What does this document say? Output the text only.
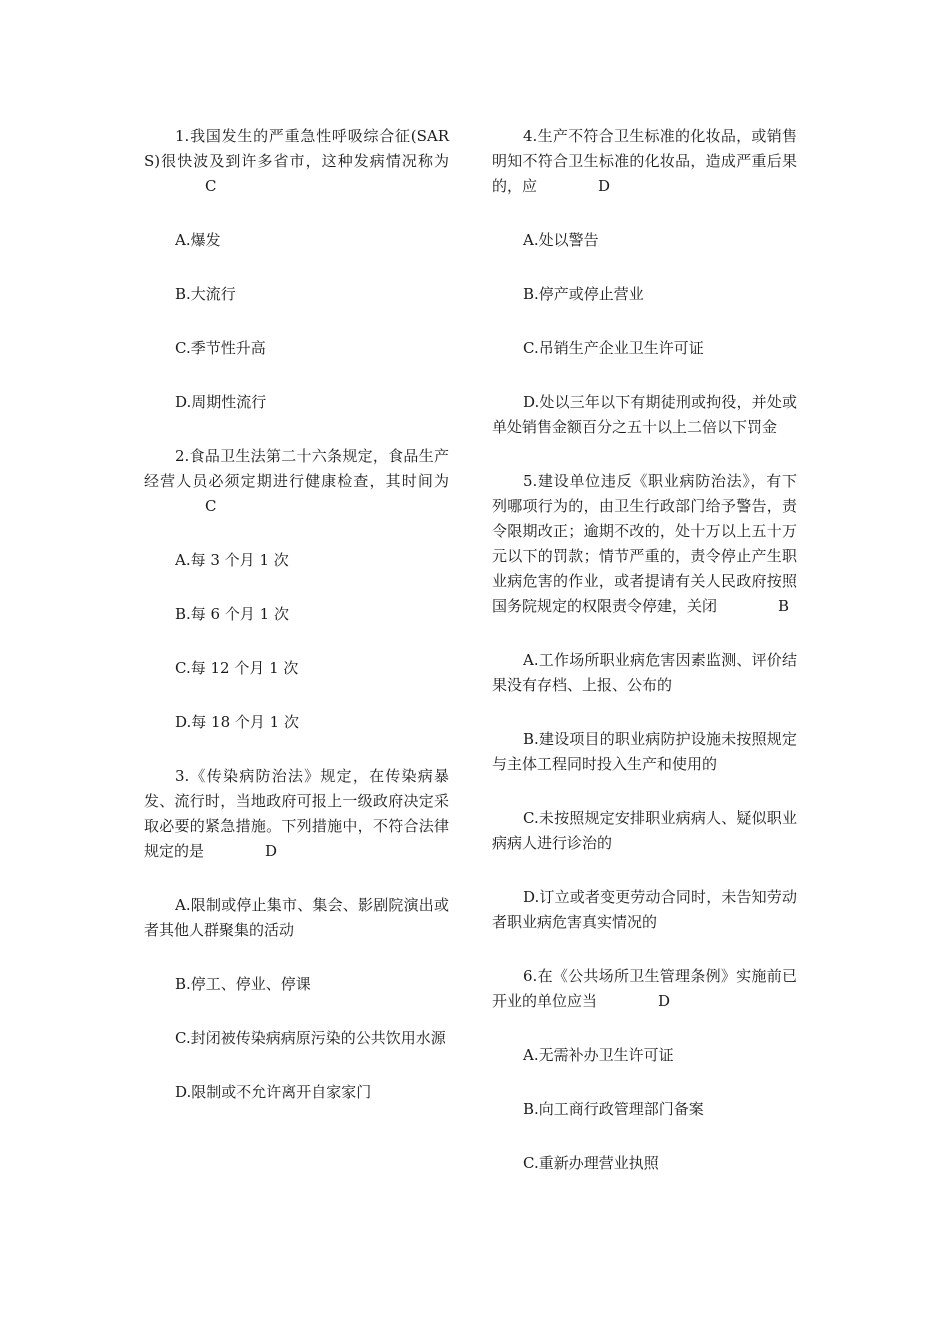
1.我国发生的严重急性呼吸综合征(SARS)很快波及到许多省市，这种发病情况称为C

A.爆发

B.大流行

C.季节性升高

D.周期性流行

2.食品卫生法第二十六条规定，食品生产经营人员必须定期进行健康检查，其时间为C

A.每 3 个月 1 次

B.每 6 个月 1 次

C.每 12 个月 1 次

D.每 18 个月 1 次

3.《传染病防治法》规定，在传染病暴发、流行时，当地政府可报上一级政府决定采取必要的紧急措施。下列措施中，不符合法律规定的是	D

A.限制或停止集市、集会、影剧院演出或者其他人群聚集的活动

B.停工、停业、停课

C.封闭被传染病病原污染的公共饮用水源

D.限制或不允许离开自家家门

4.生产不符合卫生标准的化妆品，或销售明知不符合卫生标准的化妆品，造成严重后果的，应	D

A.处以警告

B.停产或停止营业

C.吊销生产企业卫生许可证

D.处以三年以下有期徒刑或拘役，并处或单处销售金额百分之五十以上二倍以下罚金

5.建设单位违反《职业病防治法》，有下列哪项行为的，由卫生行政部门给予警告，责令限期改正；逾期不改的，处十万以上五十万元以下的罚款；情节严重的，责令停止产生职业病危害的作业，或者提请有关人民政府按照国务院规定的权限责令停建，关闭	B

A.工作场所职业病危害因素监测、评价结果没有存档、上报、公布的

B.建设项目的职业病防护设施未按照规定与主体工程同时投入生产和使用的

C.未按照规定安排职业病病人、疑似职业病病人进行诊治的

D.订立或者变更劳动合同时，未告知劳动者职业病危害真实情况的

6.在《公共场所卫生管理条例》实施前已开业的单位应当	D

A.无需补办卫生许可证

B.向工商行政管理部门备案

C.重新办理营业执照
